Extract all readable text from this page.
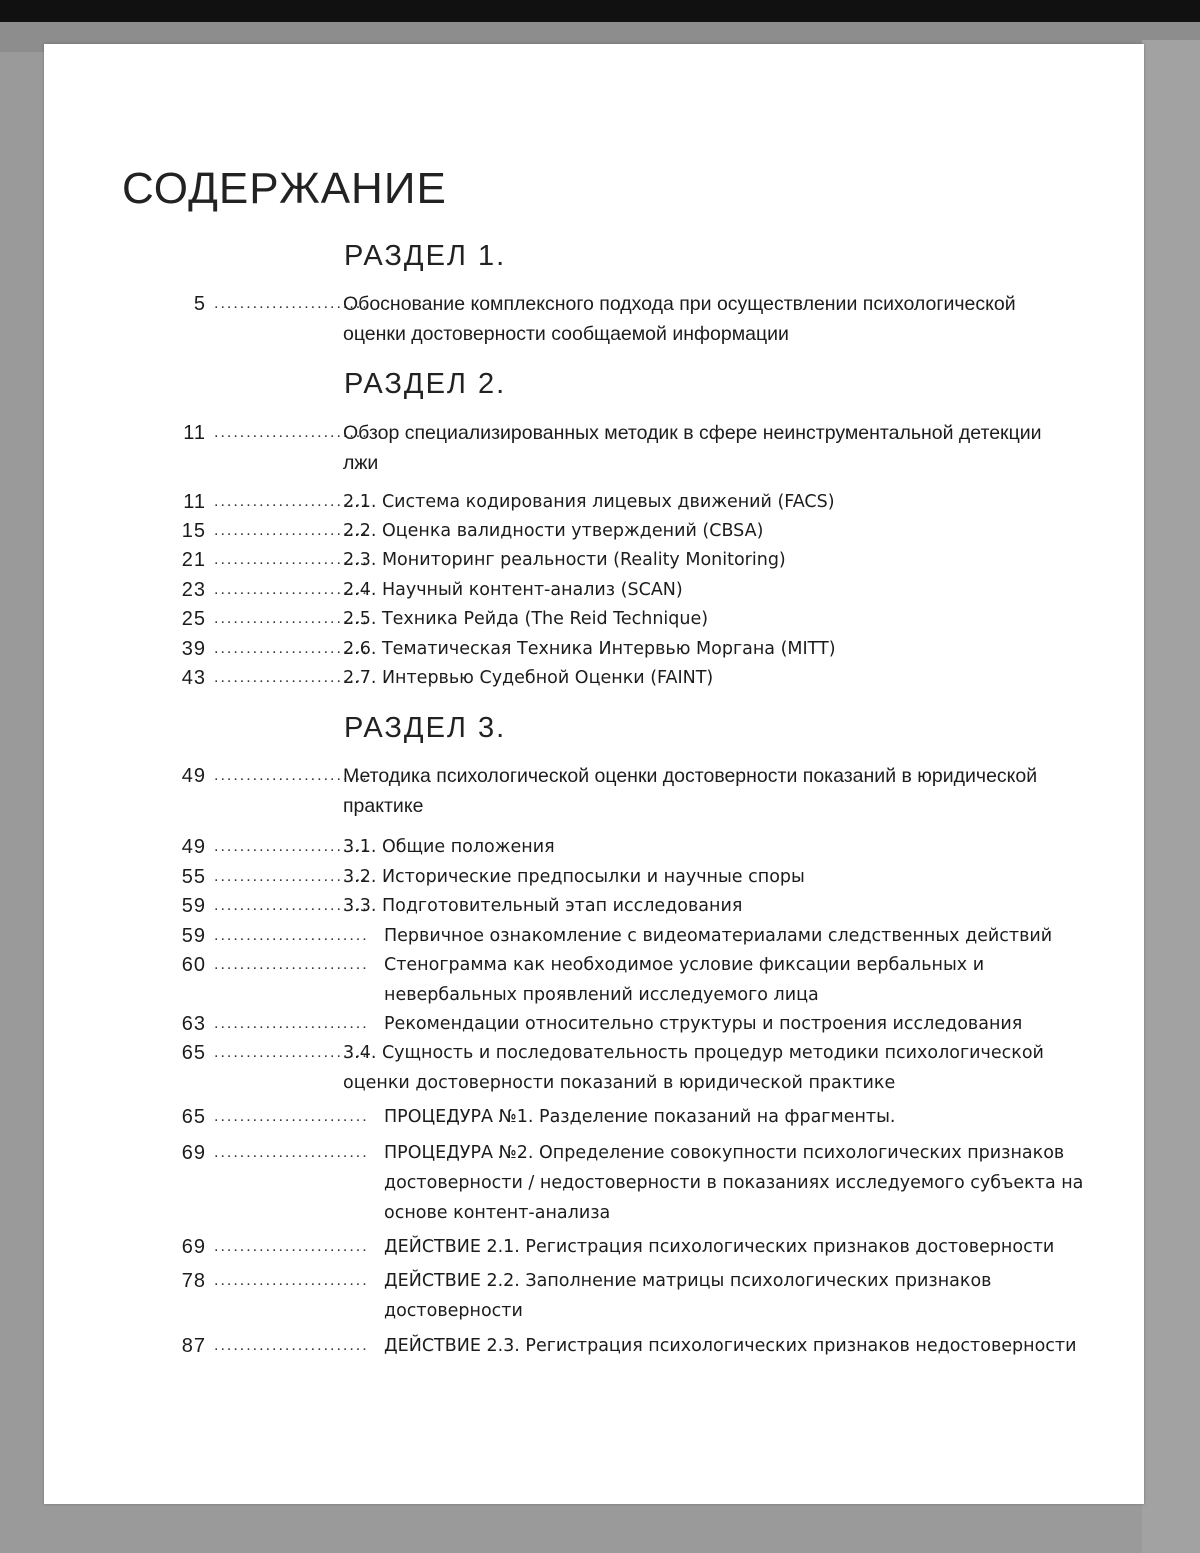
СОДЕРЖАНИЕ
РАЗДЕЛ 1.
5 ........................
Обоснование комплексного подхода при осуществлении психологической оценки достоверности сообщаемой информации
РАЗДЕЛ 2.
11 ........................
Обзор специализированных методик в сфере неинструментальной детекции лжи
11 ........................
2.1. Система кодирования лицевых движений (FACS)
15 ........................
2.2. Оценка валидности утверждений (CBSA)
21 ........................
2.3. Мониторинг реальности (Reality Monitoring)
23 ........................
2.4. Научный контент-анализ (SCAN)
25 ........................
2.5. Техника Рейда (The Reid Technique)
39 ........................
2.6. Тематическая Техника Интервью Моргана (MITT)
43 ........................
2.7. Интервью Судебной Оценки (FAINT)
РАЗДЕЛ 3.
49 ........................
Методика психологической оценки достоверности показаний в юридической практике
49 ........................
3.1. Общие положения
55 ........................
3.2. Исторические предпосылки и научные споры
59 ........................
3.3. Подготовительный этап исследования
59 ........................ Первичное ознакомление с видеоматериалами следственных действий
60 ........................ Стенограмма как необходимое условие фиксации вербальных и невербальных проявлений исследуемого лица
63 ........................ Рекомендации относительно структуры и построения исследования
65 ........................
3.4. Сущность и последовательность процедур методики психологической оценки достоверности показаний в юридической практике
65 ........................ ПРОЦЕДУРА №1. Разделение показаний на фрагменты.
69 ........................ ПРОЦЕДУРА №2. Определение совокупности психологических признаков достоверности / недостоверности в показаниях исследуемого субъекта на основе контент-анализа
69 ........................ ДЕЙСТВИЕ 2.1. Регистрация психологических признаков достоверности
78 ........................ ДЕЙСТВИЕ 2.2. Заполнение матрицы психологических признаков достоверности
87 ........................ ДЕЙСТВИЕ 2.3. Регистрация психологических признаков недостоверности
